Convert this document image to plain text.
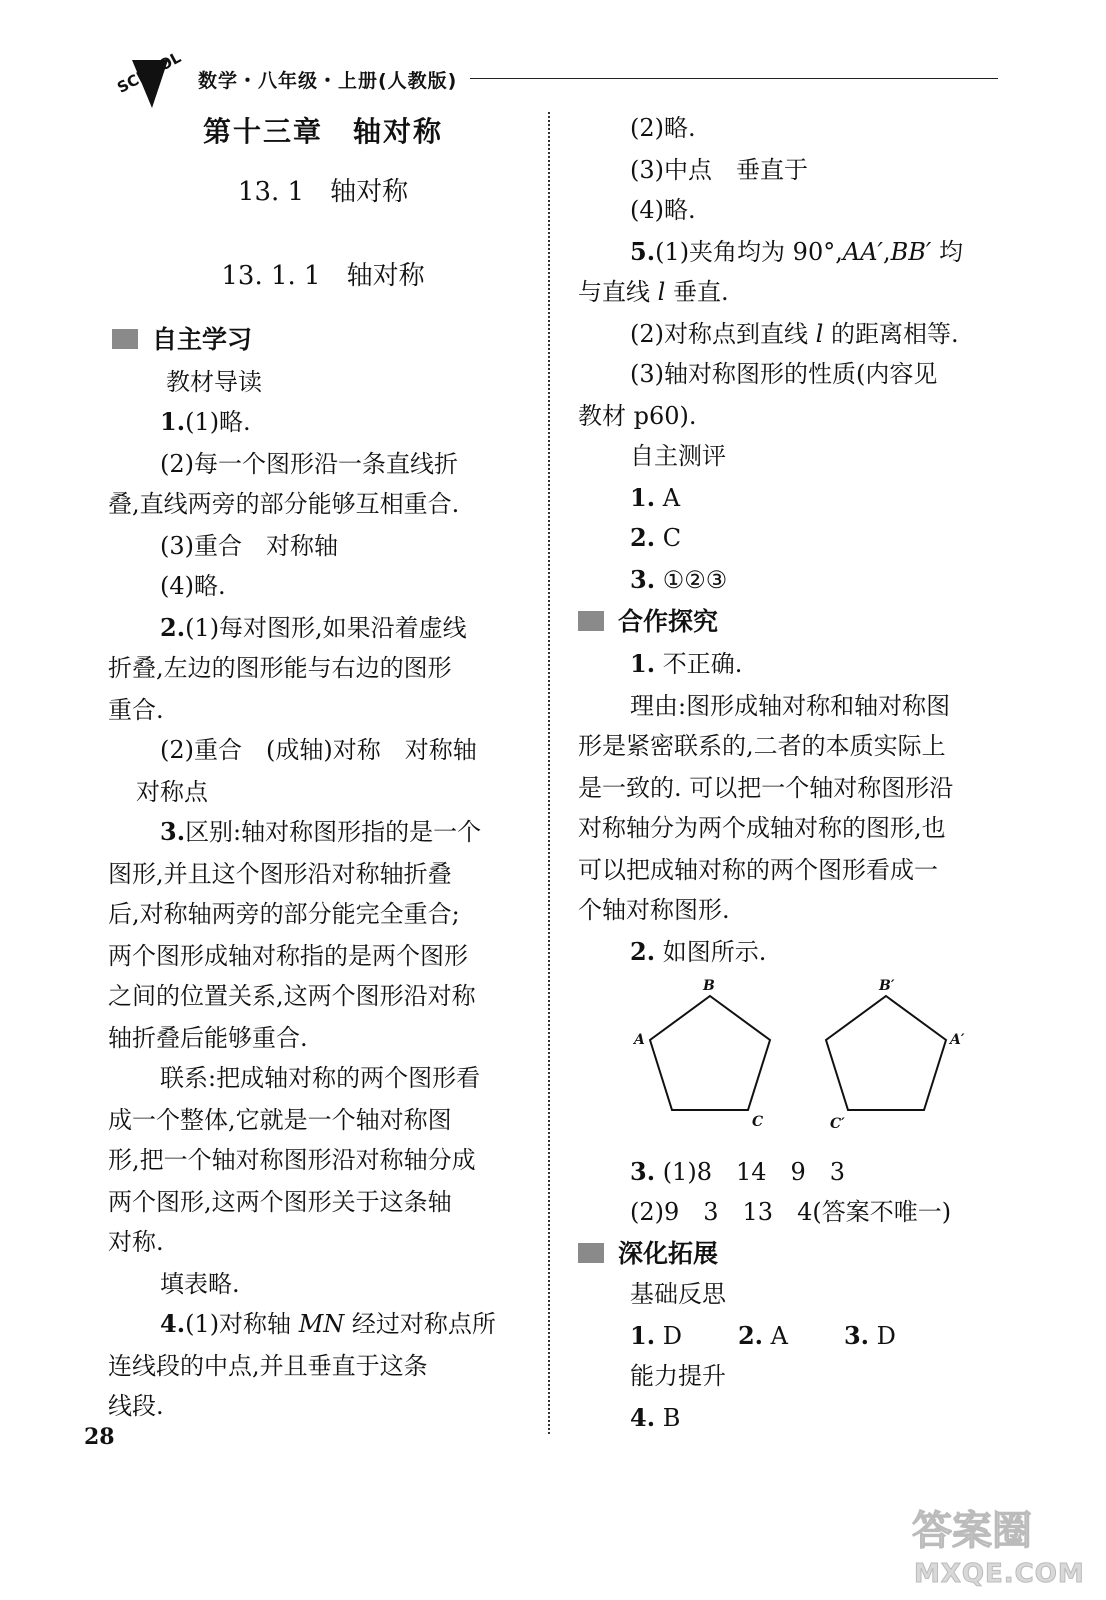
SCHOOL 数学・八年级・上册(人教版)
第十三章　轴对称
13. 1　轴对称
13. 1. 1　轴对称
自主学习
教材导读
1.(1)略.
(2)每一个图形沿一条直线折
叠,直线两旁的部分能够互相重合.
(3)重合　对称轴
(4)略.
2.(1)每对图形,如果沿着虚线
折叠,左边的图形能与右边的图形
重合.
(2)重合　(成轴)对称　对称轴
对称点
3.区别:轴对称图形指的是一个
图形,并且这个图形沿对称轴折叠
后,对称轴两旁的部分能完全重合;
两个图形成轴对称指的是两个图形
之间的位置关系,这两个图形沿对称
轴折叠后能够重合.
联系:把成轴对称的两个图形看
成一个整体,它就是一个轴对称图
形,把一个轴对称图形沿对称轴分成
两个图形,这两个图形关于这条轴
对称.
填表略.
4.(1)对称轴 MN 经过对称点所
连线段的中点,并且垂直于这条
线段.
(2)略.
(3)中点　垂直于
(4)略.
5.(1)夹角均为 90°,AA′,BB′ 均
与直线 l 垂直.
(2)对称点到直线 l 的距离相等.
(3)轴对称图形的性质(内容见
教材 p60).
自主测评
1. A
2. C
3. ①②③
合作探究
1. 不正确.
理由:图形成轴对称和轴对称图
形是紧密联系的,二者的本质实际上
是一致的. 可以把一个轴对称图形沿
对称轴分为两个成轴对称的图形,也
可以把成轴对称的两个图形看成一
个轴对称图形.
2. 如图所示.
B
A
C
B′
A′
C′
3. (1)8　14　9　3
(2)9　3　13　4(答案不唯一)
深化拓展
基础反思
1. D 2. A 3. D
能力提升
4. B
28
答案圈
MXQE.COM
